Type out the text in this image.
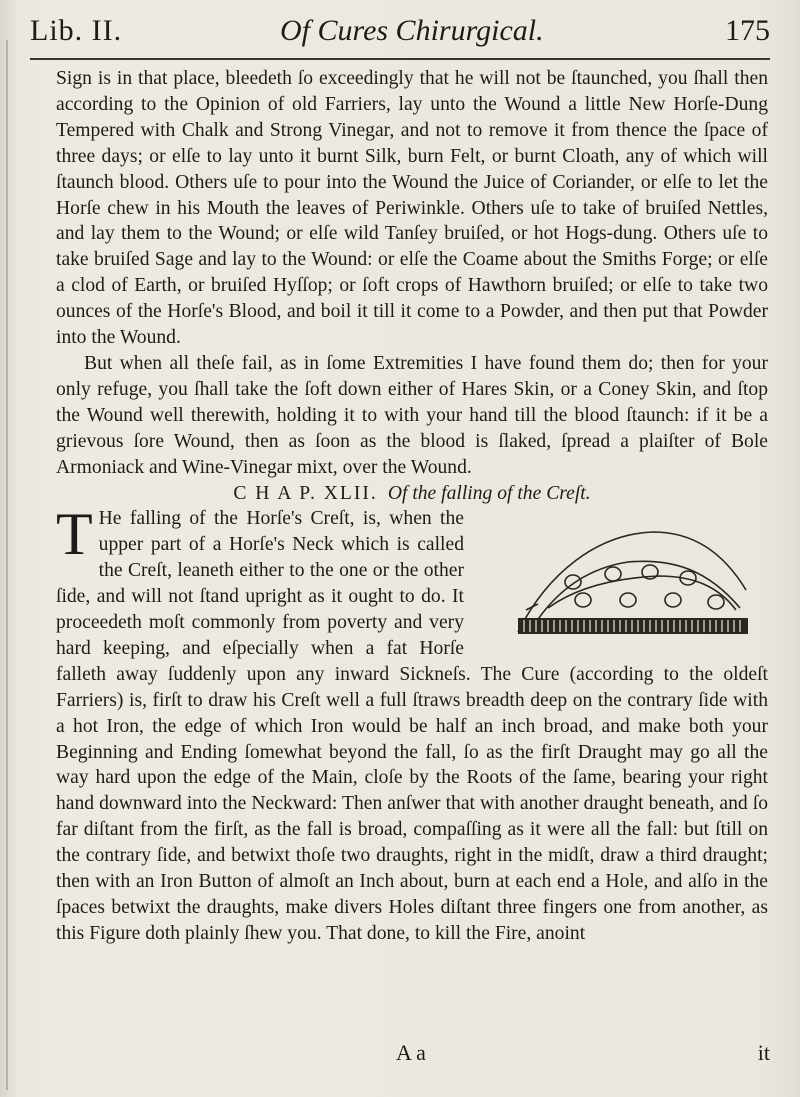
Lib. II.	Of Cures Chirurgical.	175

Sign is in that place, bleedeth ſo exceedingly that he will not be ſtaunched, you ſhall then according to the Opinion of old Farriers, lay unto the Wound a little New Horſe-Dung Tempered with Chalk and Strong Vinegar, and not to remove it from thence the ſpace of three days; or elſe to lay unto it burnt Silk, burn Felt, or burnt Cloath, any of which will ſtaunch blood. Others uſe to pour into the Wound the Juice of Coriander, or elſe to let the Horſe chew in his Mouth the leaves of Periwinkle. Others uſe to take of bruiſed Nettles, and lay them to the Wound; or elſe wild Tanſey bruiſed, or hot Hogs-dung. Others uſe to take bruiſed Sage and lay to the Wound: or elſe the Coame about the Smiths Forge; or elſe a clod of Earth, or bruiſed Hyſſop; or ſoft crops of Hawthorn bruiſed; or elſe to take two ounces of the Horſe's Blood, and boil it till it come to a Powder, and then put that Powder into the Wound.

But when all theſe fail, as in ſome Extremities I have found them do; then for your only refuge, you ſhall take the ſoft down either of Hares Skin, or a Coney Skin, and ſtop the Wound well therewith, holding it to with your hand till the blood ſtaunch: if it be a grievous ſore Wound, then as ſoon as the blood is ſlaked, ſpread a plaiſter of Bole Armoniack and Wine-Vinegar mixt, over the Wound.

C H A P. XLII. Of the falling of the Creſt.

T He falling of the Horſe's Creſt, is, when the upper part of a Horſe's Neck which is called the Creſt, leaneth either to the one or the other ſide, and will not ſtand upright as it ought to do. It proceedeth moſt commonly from poverty and very hard keeping, and eſpecially when a fat Horſe falleth away ſuddenly upon any inward Sickneſs. The Cure (according to the oldeſt Farriers) is, firſt to draw his Creſt well a full ſtraws breadth deep on the contrary ſide with a hot Iron, the edge of which Iron would be half an inch broad, and make both your Beginning and Ending ſomewhat beyond the fall, ſo as the firſt Draught may go all the way hard upon the edge of the Main, cloſe by the Roots of the ſame, bearing your right hand downward into the Neckward: Then anſwer that with another draught beneath, and ſo far diſtant from the firſt, as the fall is broad, compaſſing as it were all the fall: but ſtill on the contrary ſide, and betwixt thoſe two draughts, right in the midſt, draw a third draught; then with an Iron Button of almoſt an Inch about, burn at each end a Hole, and alſo in the ſpaces betwixt the draughts, make divers Holes diſtant three fingers one from another, as this Figure doth plainly ſhew you. That done, to kill the Fire, anoint

A a	it
